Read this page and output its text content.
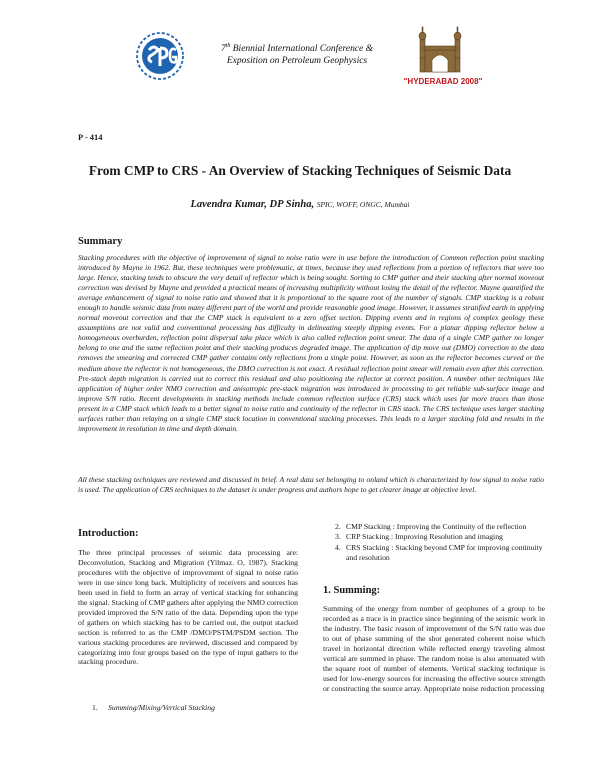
7th Biennial International Conference &
Exposition on Petroleum Geophysics
"HYDERABAD 2008"
P - 414
From CMP to CRS - An Overview of Stacking Techniques of Seismic Data
Lavendra Kumar, DP Sinha, SPIC, WOFF, ONGC, Mumbai
Summary

Stacking procedures with the objective of improvement of signal to noise ratio were in use before the introduction of Common reflection point stacking introduced by Mayne in 1962. But, these techniques were problematic, at times, because they used reflections from a portion of reflectors that were too large. Hence, stacking tends to obscure the very detail of reflector which is being sought. Sorting to CMP gather and their stacking after normal moveout correction was devised by Mayne and provided a practical means of increasing multiplicity without losing the detail of the reflector. Mayne quantified the average enhancement of signal to noise ratio and showed that it is proportional to the square root of the number of signals. CMP stacking is a robust enough to handle seismic data from many different part of the world and provide reasonable good image. However, it assumes stratified earth in applying normal moveout correction and that the CMP stack is equivalent to a zero offset section. Dipping events and in regions of complex geology these assumptions are not valid and conventional processing has difficulty in delineating steeply dipping events. For a planar dipping reflector below a homogeneous overburden, reflection point dispersal take place which is also called reflection point smear. The data of a single CMP gather no longer belong to one and the same reflection point and their stacking produces degraded image. The application of dip move out (DMO) correction to the data removes the smearing and corrected CMP gather contains only reflections from a single point. However, as soon as the reflector becomes curved or the medium above the reflector is not homogeneous, the DMO correction is not exact. A residual reflection point smear will remain even after this correction. Pre-stack depth migration is carried out to correct this residual and also positioning the reflector at correct position. A number other techniques like application of higher order NMO correction and anisotropic pre-stack migration was introduced in processing to get reliable sub-surface image and improve S/N ratio. Recent developments in stacking methods include common reflection surface (CRS) stack which uses far more traces than those present in a CMP stack which leads to a better signal to noise ratio and continuity of the reflector in CRS stack. The CRS technique uses larger stacking surfaces rather than relaying on a single CMP stack location in conventional stacking processes. This leads to a larger stacking fold and results in the improvement in resolution in time and depth domain.

All these stacking techniques are reviewed and discussed in brief. A real data set belonging to onland which is characterized by low signal to noise ratio is used. The application of CRS techniques to the dataset is under progress and authors hope to get clearer image at objective level.

Introduction:

The three principal processes of seismic data processing are: Deconvolution, Stacking and Migration (Yilmaz. O, 1987). Stacking procedures with the objective of improvement of signal to noise ratio were in use since long back. Multiplicity of receivers and sources has been used in field to form an array of vertical stacking for enhancing the signal. Stacking of CMP gathers after applying the NMO correction provided improved the S/N ratio of the data. Depending upon the type of gathers on which stacking has to be carried out, the output stacked section is referred to as the CMP /DMO/PSTM/PSDM section. The various stacking procedures are reviewed, discussed and compared by categorizing into four groups based on the type of input gathers to the stacking procedure.

1. Summing/Mixing/Vertical Stacking
2. CMP Stacking : Improving the Continuity of the reflection
3. CRP Stacking : Improving Resolution and imaging
4. CRS Stacking : Stacking beyond CMP for improving continuity and resolution
1. Summing:

Summing of the energy from number of geophones of a group to be recorded as a trace is in practice since beginning of the seismic work in the industry. The basic reason of improvement of the S/N ratio was due to out of phase summing of the shot generated coherent noise which travel in horizontal direction while reflected energy traveling almost vertical are summed in phase. The random noise is also attenuated with the square root of number of elements. Vertical stacking technique is used for low-energy sources for increasing the effective source strength or constructing the source array. Appropriate noise reduction processing
